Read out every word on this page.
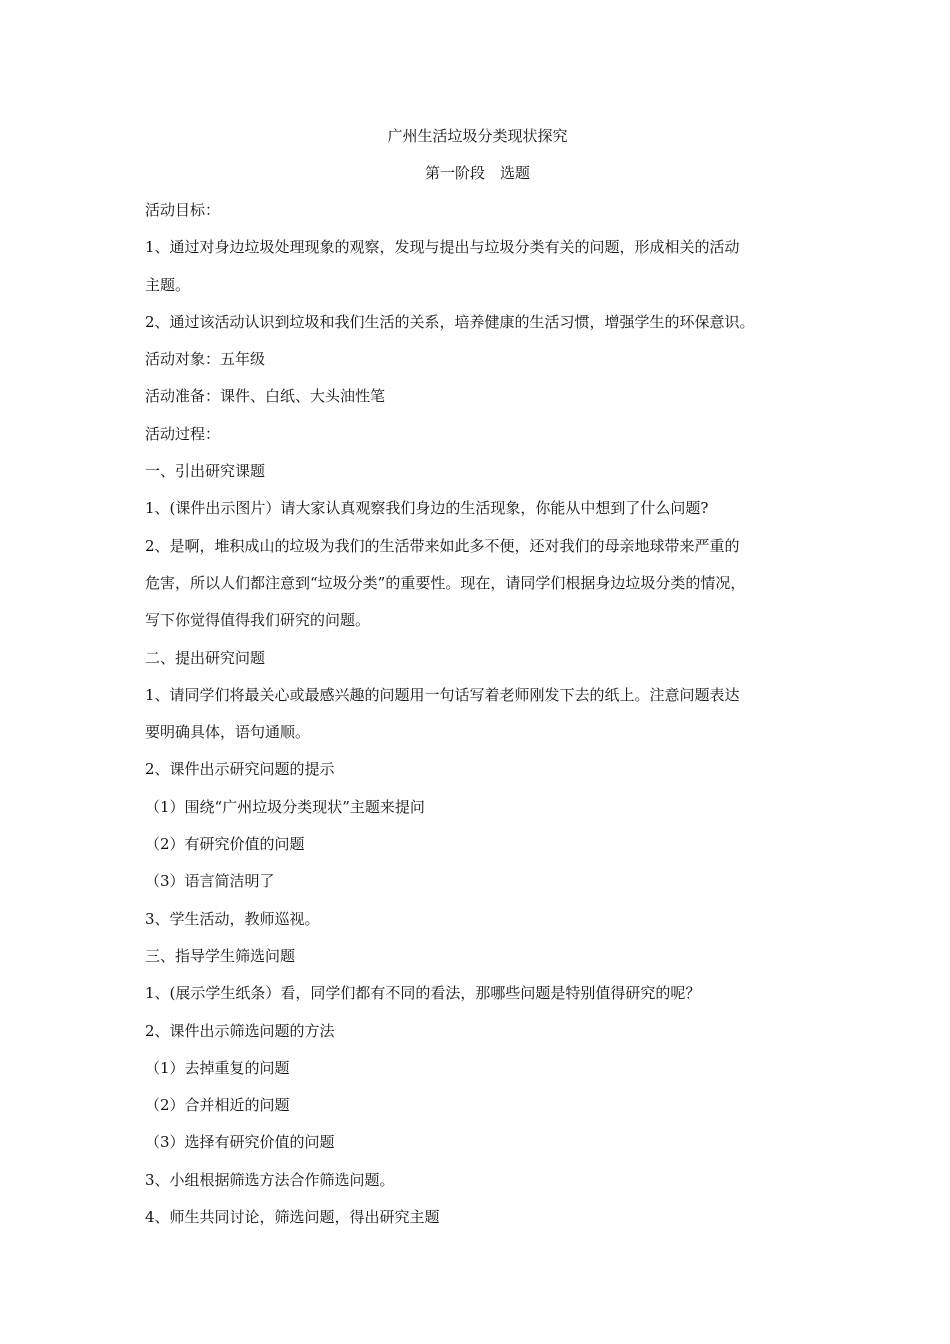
广州生活垃圾分类现状探究
第一阶段　选题

活动目标：

1、通过对身边垃圾处理现象的观察，发现与提出与垃圾分类有关的问题，形成相关的活动

主题。

2、通过该活动认识到垃圾和我们生活的关系，培养健康的生活习惯，增强学生的环保意识。

活动对象：五年级

活动准备：课件、白纸、大头油性笔

活动过程：

一、引出研究课题

1、(课件出示图片）请大家认真观察我们身边的生活现象，你能从中想到了什么问题?

2、是啊，堆积成山的垃圾为我们的生活带来如此多不便，还对我们的母亲地球带来严重的

危害，所以人们都注意到“垃圾分类”的重要性。现在，请同学们根据身边垃圾分类的情况，

写下你觉得值得我们研究的问题。

二、提出研究问题

1、请同学们将最关心或最感兴趣的问题用一句话写着老师刚发下去的纸上。注意问题表达

要明确具体，语句通顺。

2、课件出示研究问题的提示

（1）围绕“广州垃圾分类现状”主题来提问

（2）有研究价值的问题

（3）语言简洁明了

3、学生活动，教师巡视。

三、指导学生筛选问题

1、(展示学生纸条）看，同学们都有不同的看法，那哪些问题是特别值得研究的呢？

2、课件出示筛选问题的方法

（1）去掉重复的问题

（2）合并相近的问题

（3）选择有研究价值的问题

3、小组根据筛选方法合作筛选问题。

4、师生共同讨论，筛选问题，得出研究主题
